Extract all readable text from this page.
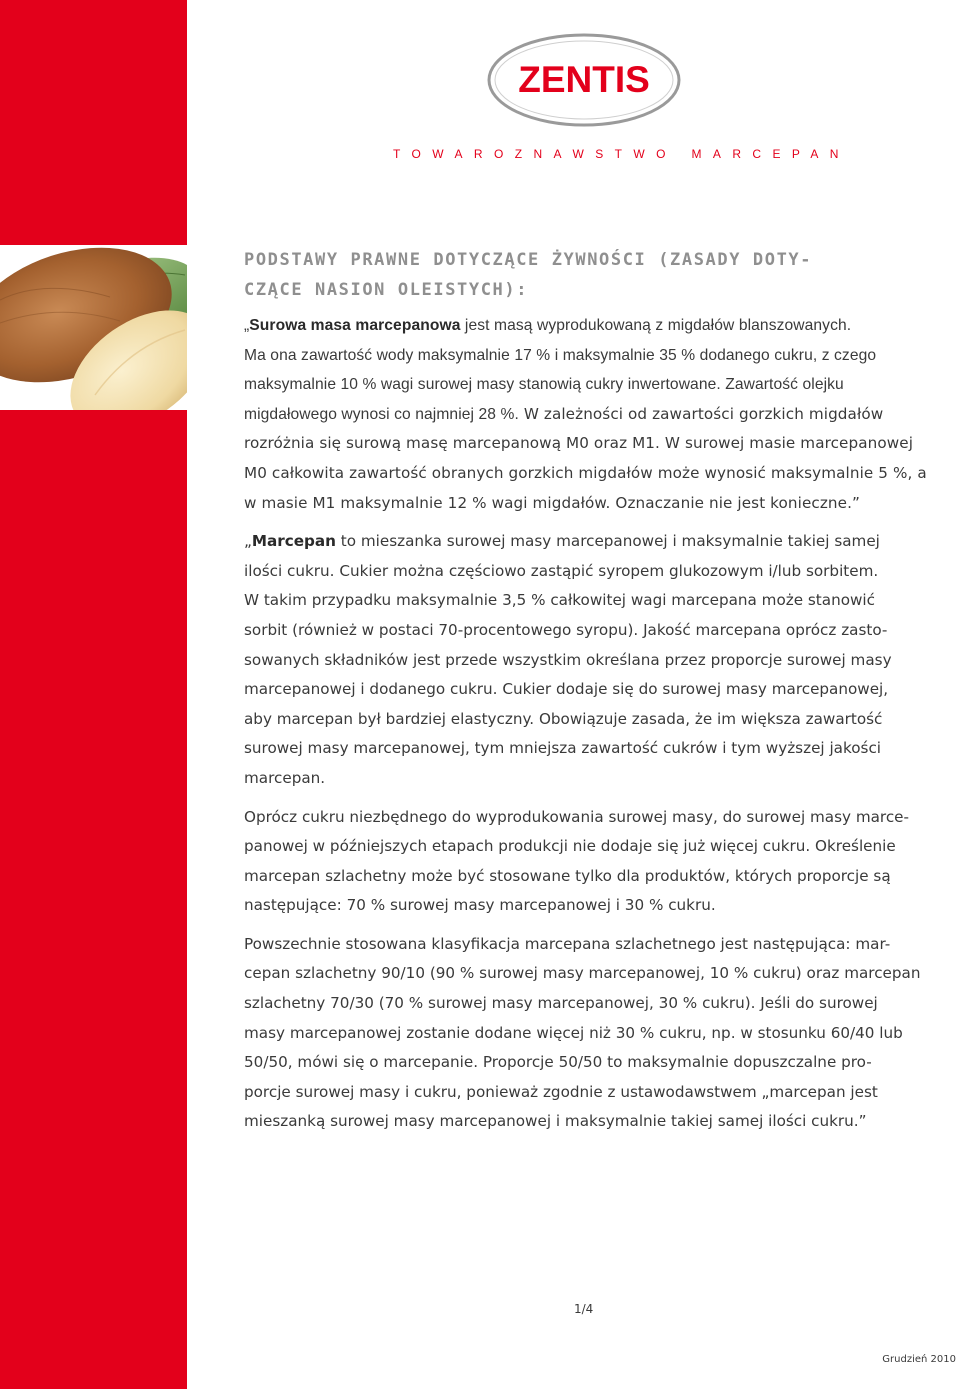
ZENTIS
TOWAROZNAWSTWO MARCEPAN
PODSTAWY PRAWNE DOTYCZĄCE ŻYWNOŚCI (ZASADY DOTY-
CZĄCE NASION OLEISTYCH):

„Surowa masa marcepanowa jest masą wyprodukowaną z migdałów blanszowanych.
Ma ona zawartość wody maksymalnie 17 % i maksymalnie 35 % dodanego cukru, z czego
maksymalnie 10 % wagi surowej masy stanowią cukry inwertowane. Zawartość olejku
migdałowego wynosi co najmniej 28 %. W zależności od zawartości gorzkich migdałów
rozróżnia się surową masę marcepanową M0 oraz M1. W surowej masie marcepanowej
M0 całkowita zawartość obranych gorzkich migdałów może wynosić maksymalnie 5 %, a
w masie M1 maksymalnie 12 % wagi migdałów. Oznaczanie nie jest konieczne.”

„Marcepan to mieszanka surowej masy marcepanowej i maksymalnie takiej samej
ilości cukru. Cukier można częściowo zastąpić syropem glukozowym i/lub sorbitem.
W takim przypadku maksymalnie 3,5 % całkowitej wagi marcepana może stanowić
sorbit (również w postaci 70-procentowego syropu). Jakość marcepana oprócz zasto-
sowanych składników jest przede wszystkim określana przez proporcje surowej masy
marcepanowej i dodanego cukru. Cukier dodaje się do surowej masy marcepanowej,
aby marcepan był bardziej elastyczny. Obowiązuje zasada, że im większa zawartość
surowej masy marcepanowej, tym mniejsza zawartość cukrów i tym wyższej jakości
marcepan.

Oprócz cukru niezbędnego do wyprodukowania surowej masy, do surowej masy marce-
panowej w późniejszych etapach produkcji nie dodaje się już więcej cukru. Określenie
marcepan szlachetny może być stosowane tylko dla produktów, których proporcje są
następujące: 70 % surowej masy marcepanowej i 30 % cukru.

Powszechnie stosowana klasyfikacja marcepana szlachetnego jest następująca: mar-
cepan szlachetny 90/10 (90 % surowej masy marcepanowej, 10 % cukru) oraz marcepan
szlachetny 70/30 (70 % surowej masy marcepanowej, 30 % cukru). Jeśli do surowej
masy marcepanowej zostanie dodane więcej niż 30 % cukru, np. w stosunku 60/40 lub
50/50, mówi się o marcepanie. Proporcje 50/50 to maksymalnie dopuszczalne pro-
porcje surowej masy i cukru, ponieważ zgodnie z ustawodawstwem „marcepan jest
mieszanką surowej masy marcepanowej i maksymalnie takiej samej ilości cukru.”

1/4
Grudzień 2010
